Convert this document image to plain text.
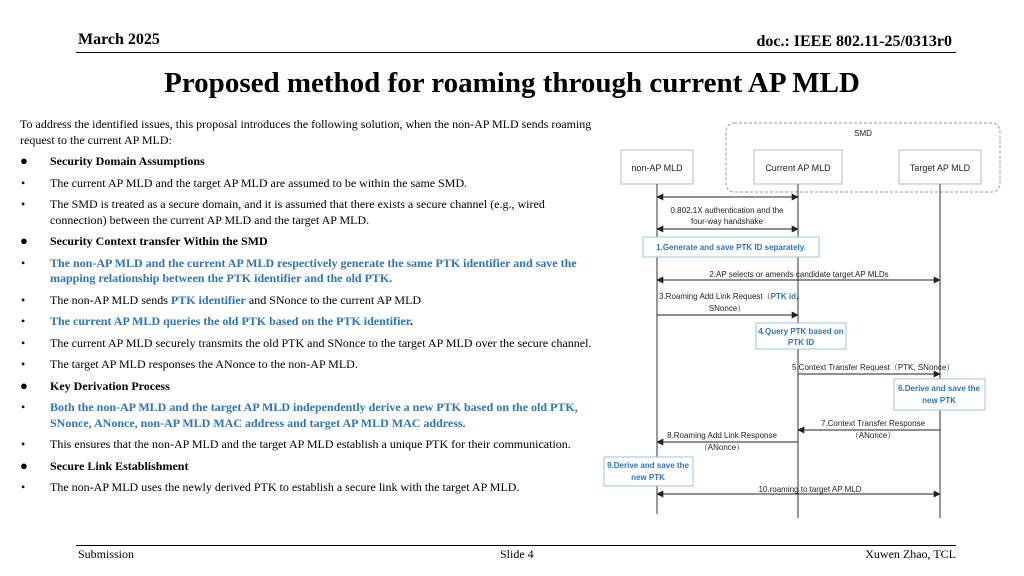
March 2025	doc.: IEEE 802.11-25/0313r0
Proposed method for roaming through current AP MLD

To address the identified issues, this proposal introduces the following solution, when the non-AP MLD sends roaming request to the current AP MLD:

● Security Domain Assumptions
• The current AP MLD and the target AP MLD are assumed to be within the same SMD.
• The SMD is treated as a secure domain, and it is assumed that there exists a secure channel (e.g., wired connection) between the current AP MLD and the target AP MLD.
● Security Context transfer Within the SMD
• The non-AP MLD and the current AP MLD respectively generate the same PTK identifier and save the mapping relationship between the PTK identifier and the old PTK.
• The non-AP MLD sends PTK identifier and SNonce to the current AP MLD
• The current AP MLD queries the old PTK based on the PTK identifier.
• The current AP MLD securely transmits the old PTK and SNonce to the target AP MLD over the secure channel.
• The target AP MLD responses the ANonce to the non-AP MLD.
● Key Derivation Process
• Both the non-AP MLD and the target AP MLD independently derive a new PTK based on the old PTK, SNonce, ANonce, non-AP MLD MAC address and target AP MLD MAC address.
• This ensures that the non-AP MLD and the target AP MLD establish a unique PTK for their communication.
● Secure Link Establishment
• The non-AP MLD uses the newly derived PTK to establish a secure link with the target AP MLD.
SMD
non-AP MLD	Current AP MLD	Target AP MLD
0.802.1X authentication and the
four-way handshake
1.Generate and save PTK ID separately.
2.AP selects or amends candidate target AP MLDs
3.Roaming Add Link Request（PTK id,
SNonce）
4.Query PTK based on
PTK ID
5.Context Transfer Request（PTK, SNonce）
6.Derive and save the
new PTK
7.Context Transfer Response
（ANonce）
8.Roaming Add Link Response
（ANonce）
9.Derive and save the
new PTK
10.roaming to target AP MLD
Submission	Slide 4	Xuwen Zhao, TCL
